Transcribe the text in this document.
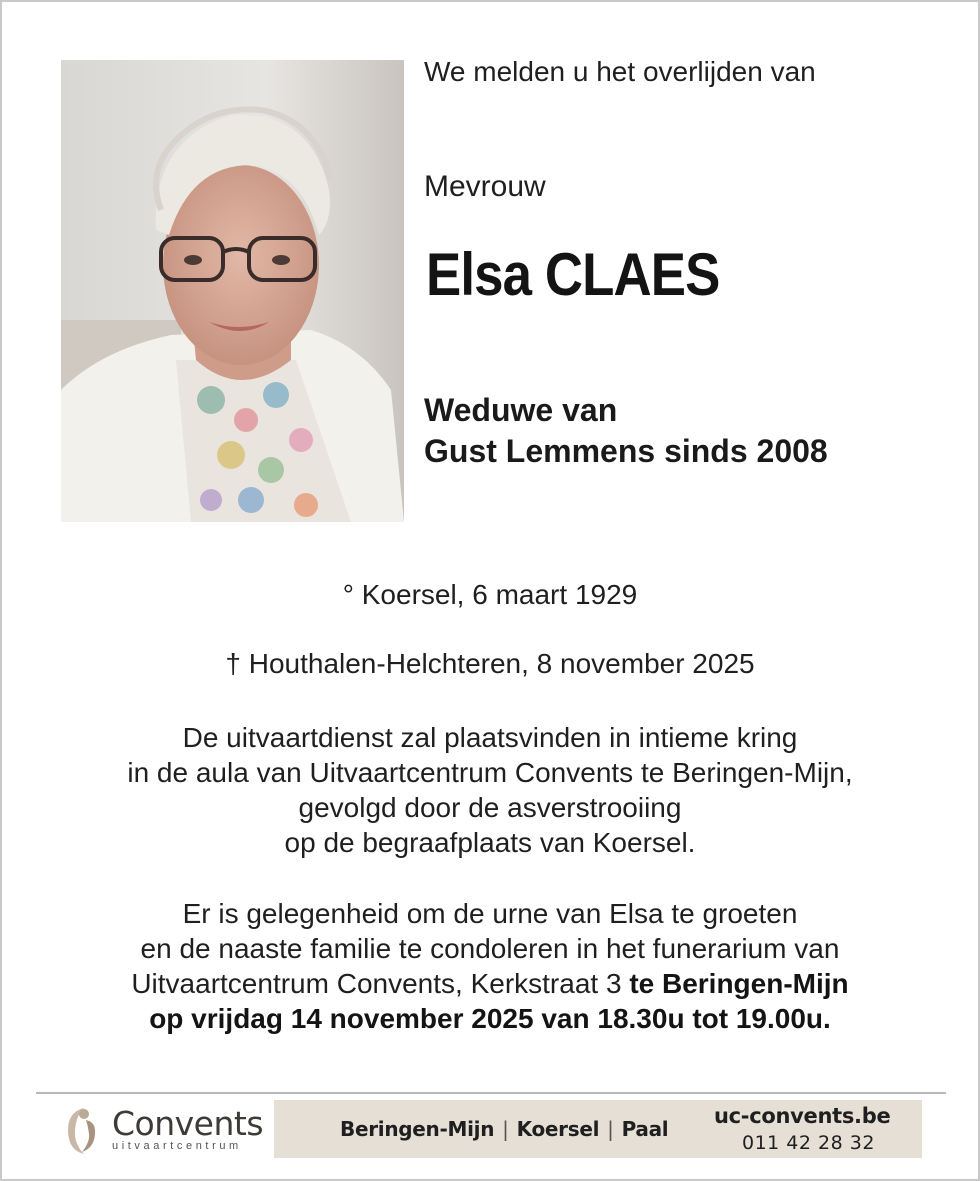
We melden u het overlijden van
Mevrouw
Elsa CLAES
Weduwe van
Gust Lemmens sinds 2008
° Koersel, 6 maart 1929
† Houthalen-Helchteren, 8 november 2025
De uitvaartdienst zal plaatsvinden in intieme kring
in de aula van Uitvaartcentrum Convents te Beringen-Mijn,
gevolgd door de asverstrooiing
op de begraafplaats van Koersel.
Er is gelegenheid om de urne van Elsa te groeten
en de naaste familie te condoleren in het funerarium van
Uitvaartcentrum Convents, Kerkstraat 3 te Beringen-Mijn
op vrijdag 14 november 2025 van 18.30u tot 19.00u.
Convents
uitvaartcentrum
Beringen-Mijn | Koersel | Paal
uc-convents.be
011 42 28 32
